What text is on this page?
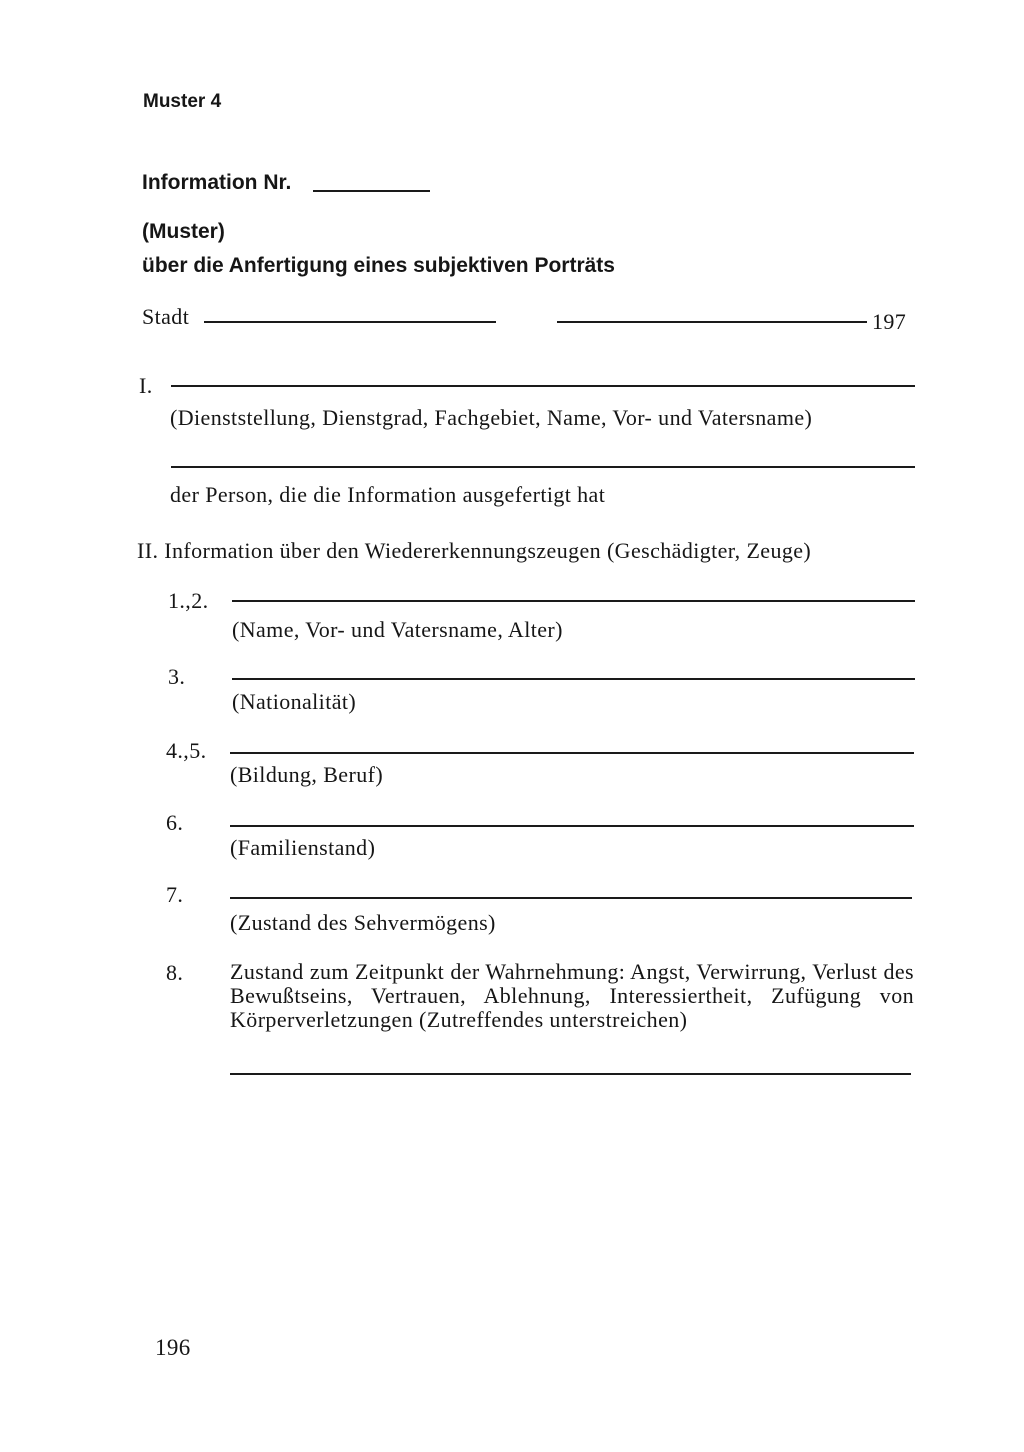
Muster 4
Information Nr.
(Muster)
über die Anfertigung eines subjektiven Porträts
Stadt	197
I.
(Dienststellung, Dienstgrad, Fachgebiet, Name, Vor- und Vatersname)
der Person, die die Information ausgefertigt hat
II. Information über den Wiedererkennungszeugen (Geschädigter, Zeuge)
1.,2.
(Name, Vor- und Vatersname, Alter)
3.
(Nationalität)
4.,5.
(Bildung, Beruf)
6.
(Familienstand)
7.
(Zustand des Sehvermögens)
8. Zustand zum Zeitpunkt der Wahrnehmung: Angst, Verwirrung, Verlust des Bewußtseins, Vertrauen, Ablehnung, Interessiertheit, Zufügung von Körperverletzungen (Zutreffendes unterstreichen)
196
